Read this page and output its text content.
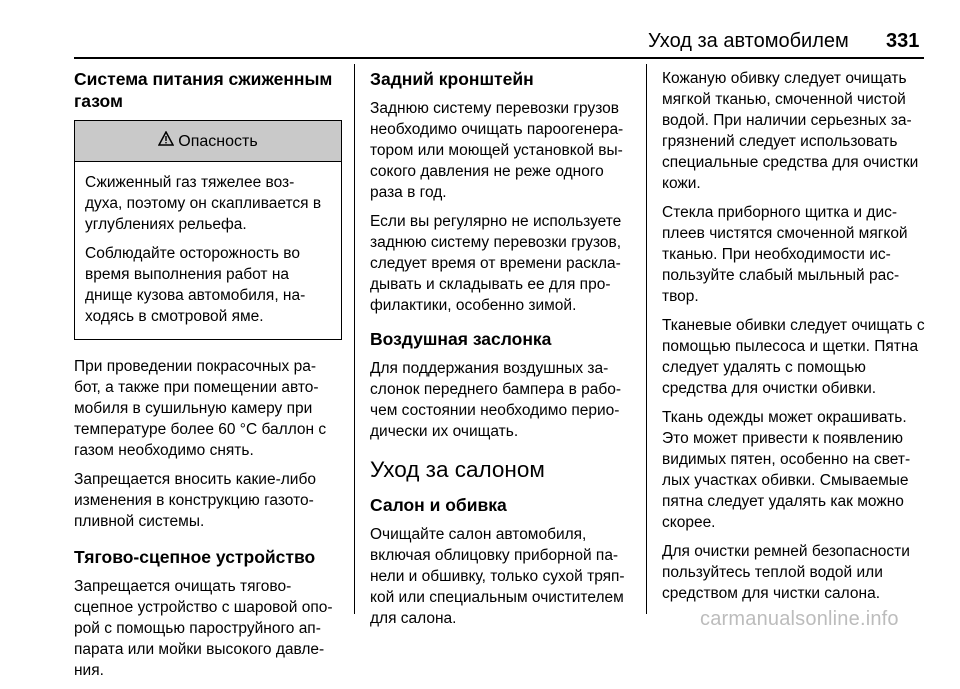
Уход за автомобилем 331
Система питания сжиженным
газом
Опасность

Сжиженный газ тяжелее воз- духа, поэтому он скапливается в углублениях рельефа.

Соблюдайте осторожность во время выполнения работ на днище кузова автомобиля, на- ходясь в смотровой яме.

При проведении покрасочных ра- бот, а также при помещении авто- мобиля в сушильную камеру при температуре более 60 °C баллон с газом необходимо снять.

Запрещается вносить какие-либо изменения в конструкцию газото- пливной системы.

Тягово-сцепное устройство

Запрещается очищать тягово- сцепное устройство с шаровой опо- рой с помощью пароструйного ап- парата или мойки высокого давле- ния.

Задний кронштейн

Заднюю систему перевозки грузов необходимо очищать пароогенера- тором или моющей установкой вы- сокого давления не реже одного раза в год.

Если вы регулярно не используете заднюю систему перевозки грузов, следует время от времени раскла- дывать и складывать ее для про- филактики, особенно зимой.

Воздушная заслонка

Для поддержания воздушных за- слонок переднего бампера в рабо- чем состоянии необходимо перио- дически их очищать.

Уход за салоном
Салон и обивка

Очищайте салон автомобиля, включая облицовку приборной па- нели и обшивку, только сухой тряп- кой или специальным очистителем для салона.

Кожаную обивку следует очищать мягкой тканью, смоченной чистой водой. При наличии серьезных за- грязнений следует использовать специальные средства для очистки кожи.

Стекла приборного щитка и дис- плеев чистятся смоченной мягкой тканью. При необходимости ис- пользуйте слабый мыльный рас- твор.

Тканевые обивки следует очищать с помощью пылесоса и щетки. Пятна следует удалять с помощью средства для очистки обивки.

Ткань одежды может окрашивать. Это может привести к появлению видимых пятен, особенно на свет- лых участках обивки. Смываемые пятна следует удалять как можно скорее.

Для очистки ремней безопасности пользуйтесь теплой водой или средством для чистки салона.

carmanualsonline.info
